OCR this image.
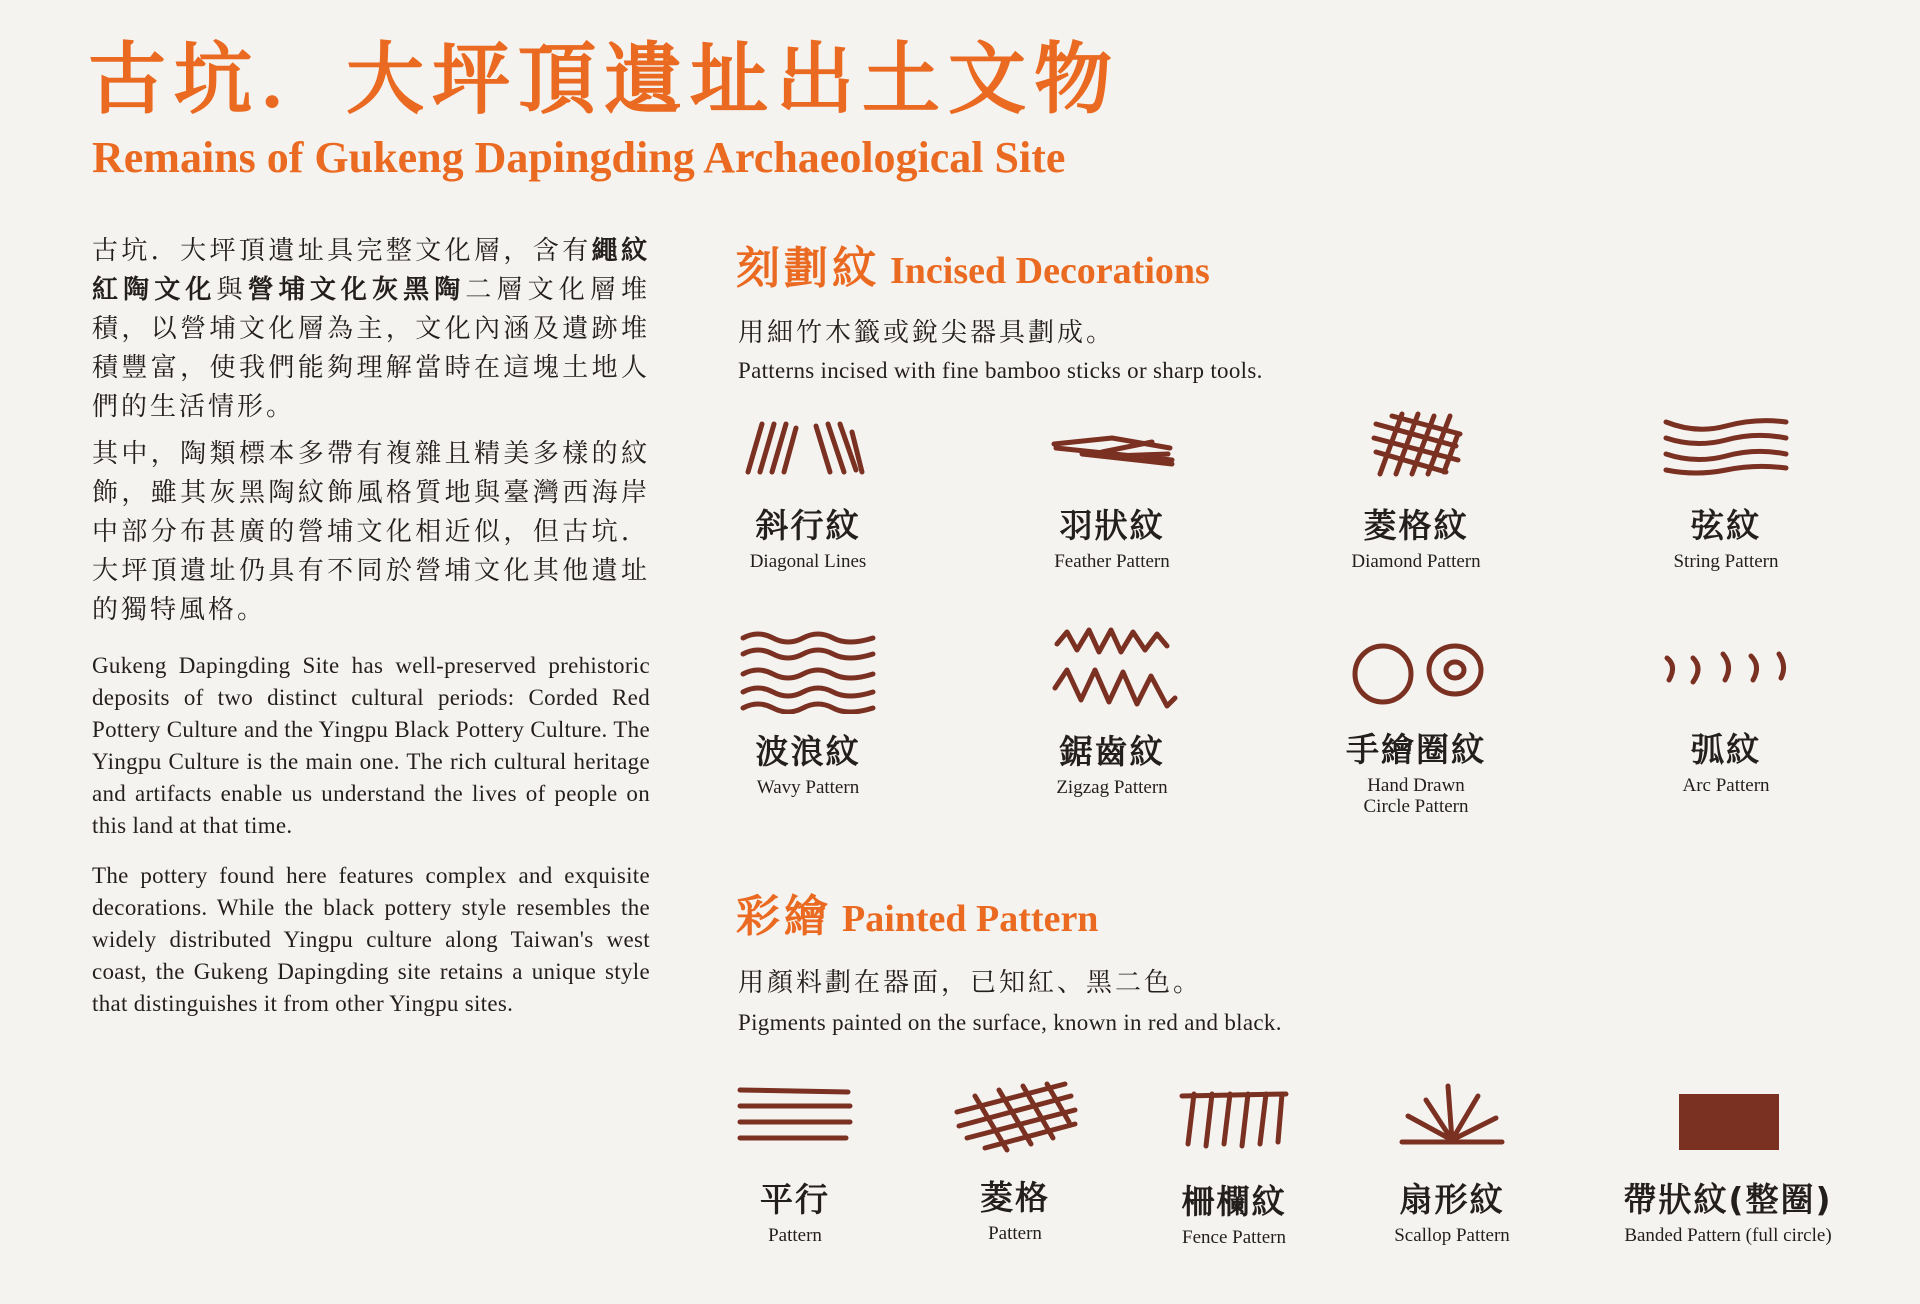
古坑．大坪頂遺址出土文物
Remains of Gukeng Dapingding Archaeological Site

古坑．大坪頂遺址具完整文化層，含有繩紋紅陶文化與營埔文化灰黑陶二層文化層堆積，以營埔文化層為主，文化內涵及遺跡堆積豐富，使我們能夠理解當時在這塊土地人們的生活情形。

其中，陶類標本多帶有複雜且精美多樣的紋飾，雖其灰黑陶紋飾風格質地與臺灣西海岸中部分布甚廣的營埔文化相近似，但古坑．大坪頂遺址仍具有不同於營埔文化其他遺址的獨特風格。

Gukeng Dapingding Site has well-preserved prehistoric deposits of two distinct cultural periods: Corded Red Pottery Culture and the Yingpu Black Pottery Culture. The Yingpu Culture is the main one. The rich cultural heritage and artifacts enable us understand the lives of people on this land at that time.

The pottery found here features complex and exquisite decorations. While the black pottery style resembles the widely distributed Yingpu culture along Taiwan's west coast, the Gukeng Dapingding site retains a unique style that distinguishes it from other Yingpu sites.

刻劃紋 Incised Decorations
用細竹木籤或銳尖器具劃成。
Patterns incised with fine bamboo sticks or sharp tools.
斜行紋
Diagonal Lines
羽狀紋
Feather Pattern
菱格紋
Diamond Pattern
弦紋
String Pattern
波浪紋
Wavy Pattern
鋸齒紋
Zigzag Pattern
手繪圈紋
Hand Drawn
Circle Pattern
弧紋
Arc Pattern
彩繪 Painted Pattern
用顏料劃在器面，已知紅、黑二色。
Pigments painted on the surface, known in red and black.
平行
Pattern
菱格
Pattern
柵欄紋
Fence Pattern
扇形紋
Scallop Pattern
帶狀紋(整圈)
Banded Pattern (full circle)
